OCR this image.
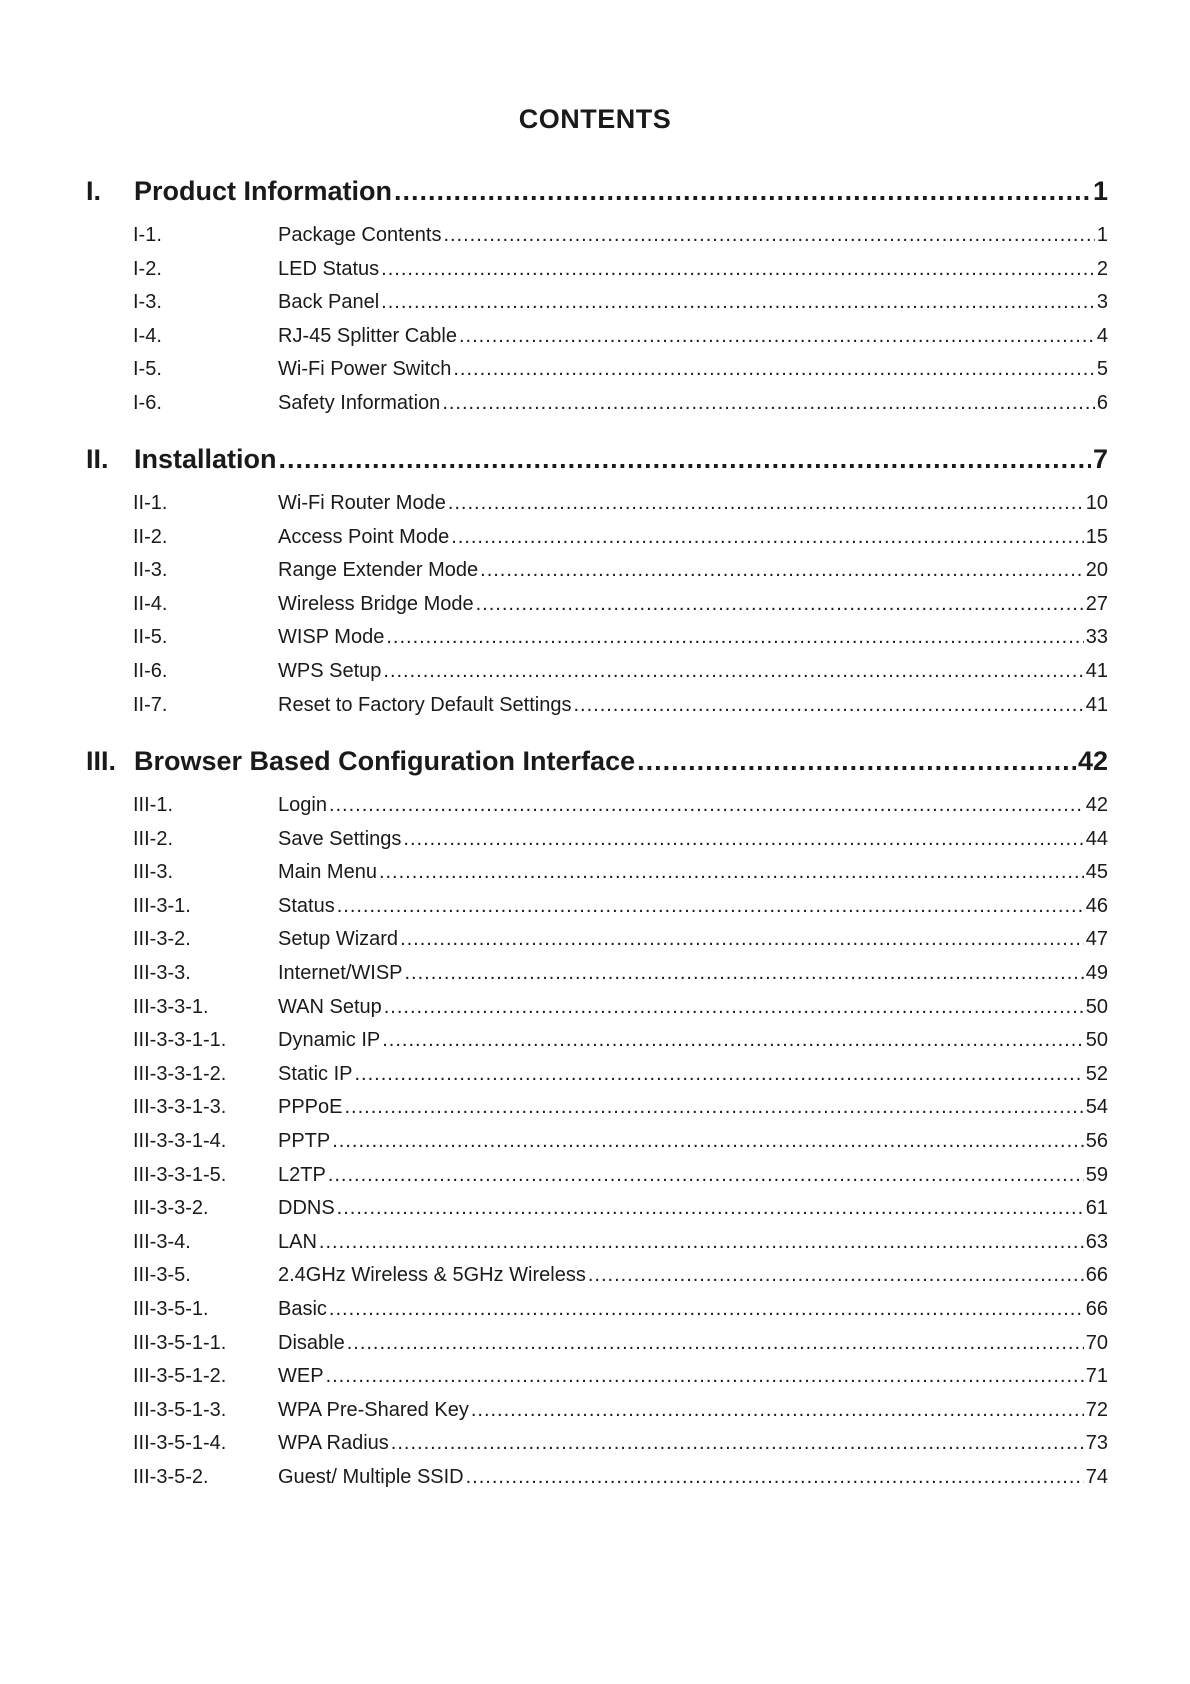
CONTENTS
I.	Product Information .....	1
I-1.	Package Contents .....	1
I-2.	LED Status .....	2
I-3.	Back Panel .....	3
I-4.	RJ-45 Splitter Cable .....	4
I-5.	Wi-Fi Power Switch .....	5
I-6.	Safety Information .....	6
II. Installation .....	7
II-1.	Wi-Fi Router Mode .....	10
II-2.	Access Point Mode .....	15
II-3.	Range Extender Mode .....	20
II-4.	Wireless Bridge Mode .....	27
II-5.	WISP Mode .....	33
II-6.	WPS Setup .....	41
II-7.	Reset to Factory Default Settings .....	41
III. Browser Based Configuration Interface .....	42
III-1.	Login .....	42
III-2.	Save Settings .....	44
III-3.	Main Menu .....	45
III-3-1.	Status .....	46
III-3-2.	Setup Wizard .....	47
III-3-3.	Internet/WISP .....	49
III-3-3-1.	WAN Setup .....	50
III-3-3-1-1.	Dynamic IP .....	50
III-3-3-1-2.	Static IP .....	52
III-3-3-1-3.	PPPoE .....	54
III-3-3-1-4.	PPTP .....	56
III-3-3-1-5.	L2TP .....	59
III-3-3-2.	DDNS .....	61
III-3-4.	LAN .....	63
III-3-5.	2.4GHz Wireless & 5GHz Wireless .....	66
III-3-5-1.	Basic .....	66
III-3-5-1-1.	Disable .....	70
III-3-5-1-2.	WEP .....	71
III-3-5-1-3.	WPA Pre-Shared Key .....	72
III-3-5-1-4.	WPA Radius .....	73
III-3-5-2.	Guest/ Multiple SSID .....	74
